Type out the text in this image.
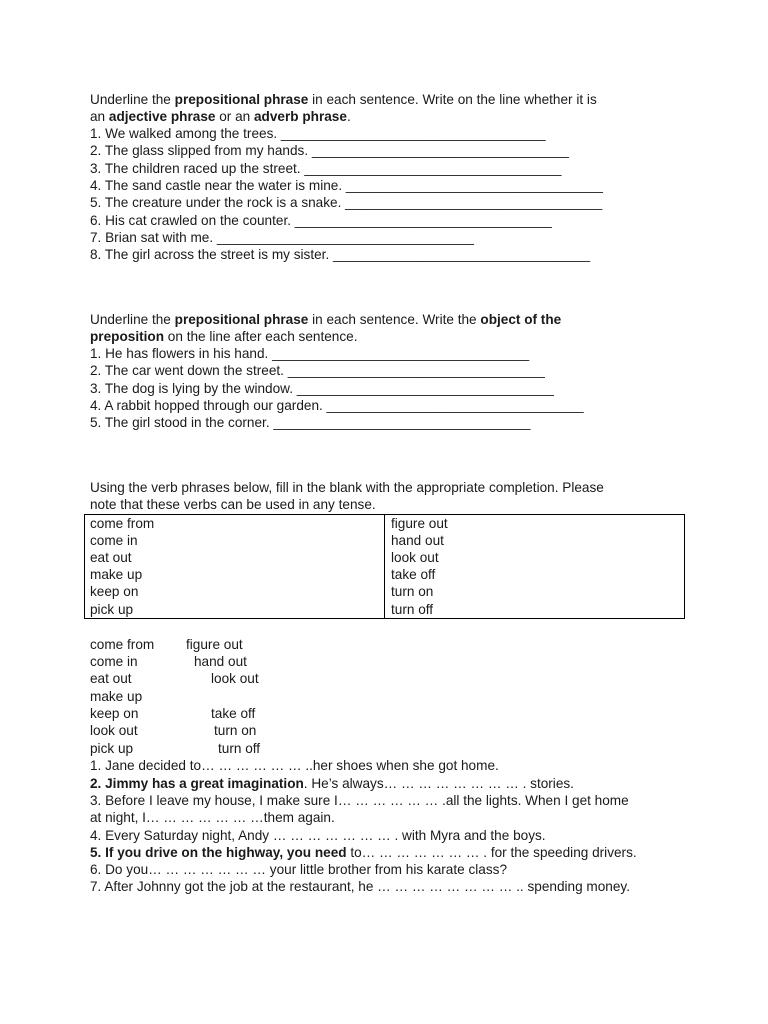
Underline the prepositional phrase in each sentence. Write on the line whether it is
an adjective phrase or an adverb phrase.
1. We walked among the trees. ___________________________________
2. The glass slipped from my hands. __________________________________
3. The children raced up the street. __________________________________
4. The sand castle near the water is mine. __________________________________
5. The creature under the rock is a snake. __________________________________
6. His cat crawled on the counter. __________________________________
7. Brian sat with me. __________________________________
8. The girl across the street is my sister. __________________________________
Underline the prepositional phrase in each sentence. Write the object of the
preposition on the line after each sentence.
1. He has flowers in his hand. __________________________________
2. The car went down the street. __________________________________
3. The dog is lying by the window. __________________________________
4. A rabbit hopped through our garden. __________________________________
5. The girl stood in the corner. __________________________________
Using the verb phrases below, fill in the blank with the appropriate completion. Please
note that these verbs can be used in any tense.
come from
come in
eat out
make up
keep on
pick up
figure out
hand out
look out
take off
turn on
turn off
come from
come in
eat out
make up
keep on
look out
pick up
figure out
hand out
look out
take off
turn on
turn off
1. Jane decided to… … … … … … ..her shoes when she got home.
2. Jimmy has a great imagination. He’s always… … … … … … … … . stories.
3. Before I leave my house, I make sure I… … … … … … .all the lights. When I get home
at night, I… … … … … … …them again.
4. Every Saturday night, Andy … … … … … … … . with Myra and the boys.
5. If you drive on the highway, you need to… … … … … … … . for the speeding drivers.
6. Do you… … … … … … … your little brother from his karate class?
7. After Johnny got the job at the restaurant, he … … … … … … … … .. spending money.
